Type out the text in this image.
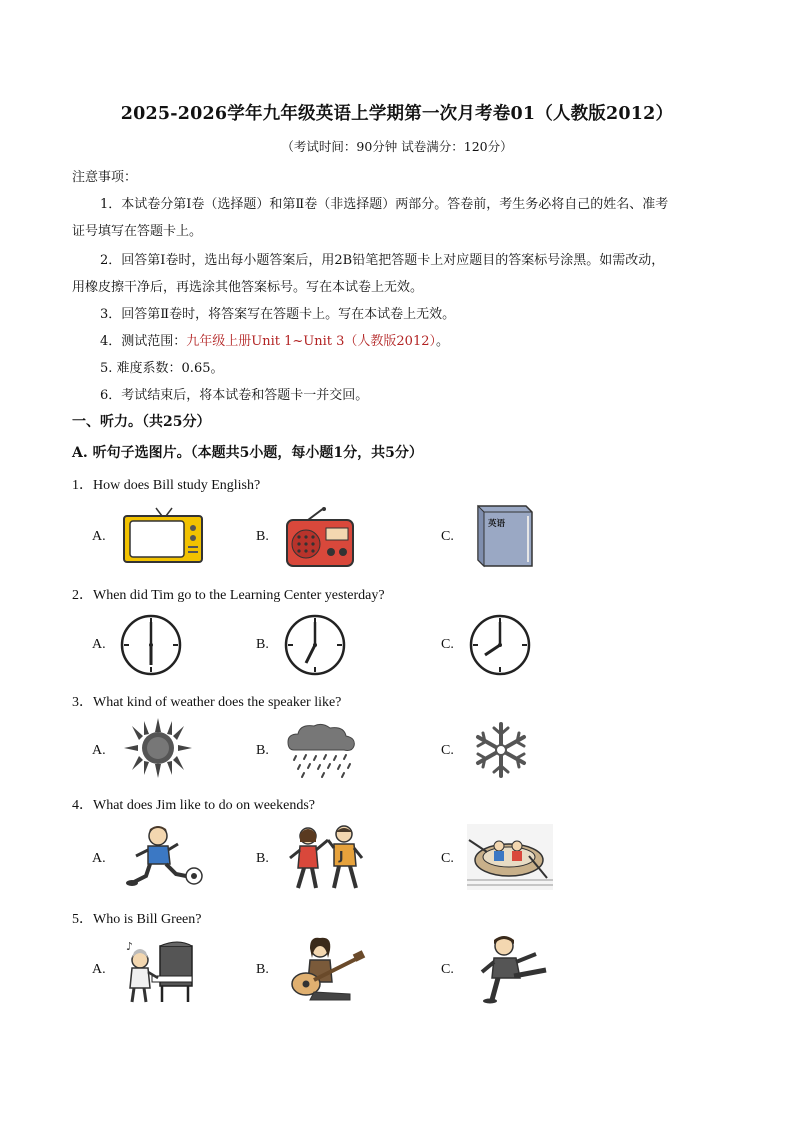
2025-2026学年九年级英语上学期第一次月考卷01（人教版2012）
（考试时间：90分钟 试卷满分：120分）
注意事项：
1．本试卷分第Ⅰ卷（选择题）和第Ⅱ卷（非选择题）两部分。答卷前，考生务必将自己的姓名、准考
证号填写在答题卡上。
2．回答第Ⅰ卷时，选出每小题答案后，用2B铅笔把答题卡上对应题目的答案标号涂黑。如需改动，
用橡皮擦干净后，再选涂其他答案标号。写在本试卷上无效。
3．回答第Ⅱ卷时，将答案写在答题卡上。写在本试卷上无效。
4．测试范围：九年级上册Unit 1~Unit 3（人教版2012）。
5. 难度系数：0.65。
6．考试结束后，将本试卷和答题卡一并交回。
一、听力。（共25分）
A. 听句子选图片。（本题共5小题，每小题1分，共5分）
1．How does Bill study English?
A.	B.	C.
英语
2．When did Tim go to the Learning Center yesterday?
A.	B.	C.
3．What kind of weather does the speaker like?
A.	B.	C.
4．What does Jim like to do on weekends?
A.	B.	C.
J
5．Who is Bill Green?
A.	B.	C.
♪
